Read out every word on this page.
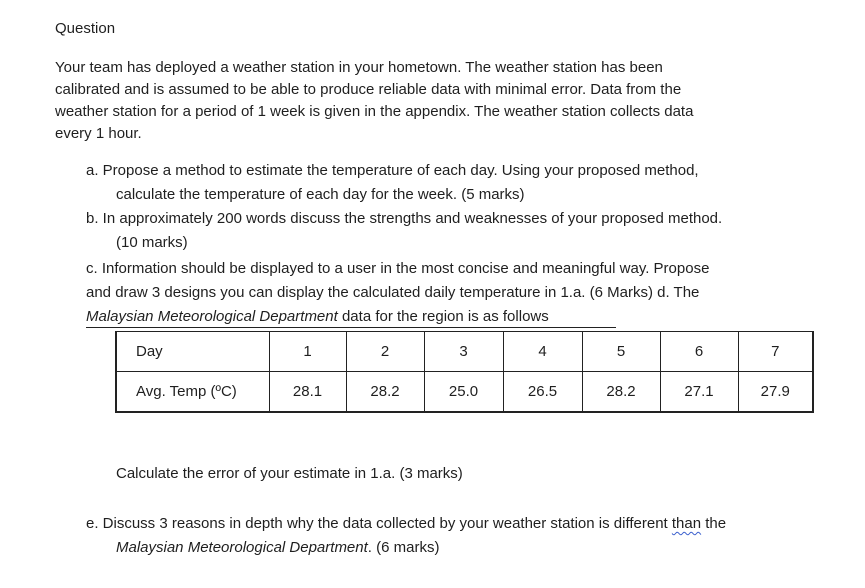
Question
Your team has deployed a weather station in your hometown. The weather station has been
calibrated and is assumed to be able to produce reliable data with minimal error. Data from the
weather station for a period of 1 week is given in the appendix. The weather station collects data
every 1 hour.
a. Propose a method to estimate the temperature of each day. Using your proposed method,
calculate the temperature of each day for the week. (5 marks)
b. In approximately 200 words discuss the strengths and weaknesses of your proposed method.
(10 marks)
c. Information should be displayed to a user in the most concise and meaningful way. Propose
and draw 3 designs you can display the calculated daily temperature in 1.a. (6 Marks) d. The
Malaysian Meteorological Department data for the region is as follows
Day	1	2	3	4	5	6	7
Avg. Temp (ºC)	28.1	28.2	25.0	26.5	28.2	27.1	27.9
Calculate the error of your estimate in 1.a. (3 marks)
e. Discuss 3 reasons in depth why the data collected by your weather station is different than the
Malaysian Meteorological Department. (6 marks)
